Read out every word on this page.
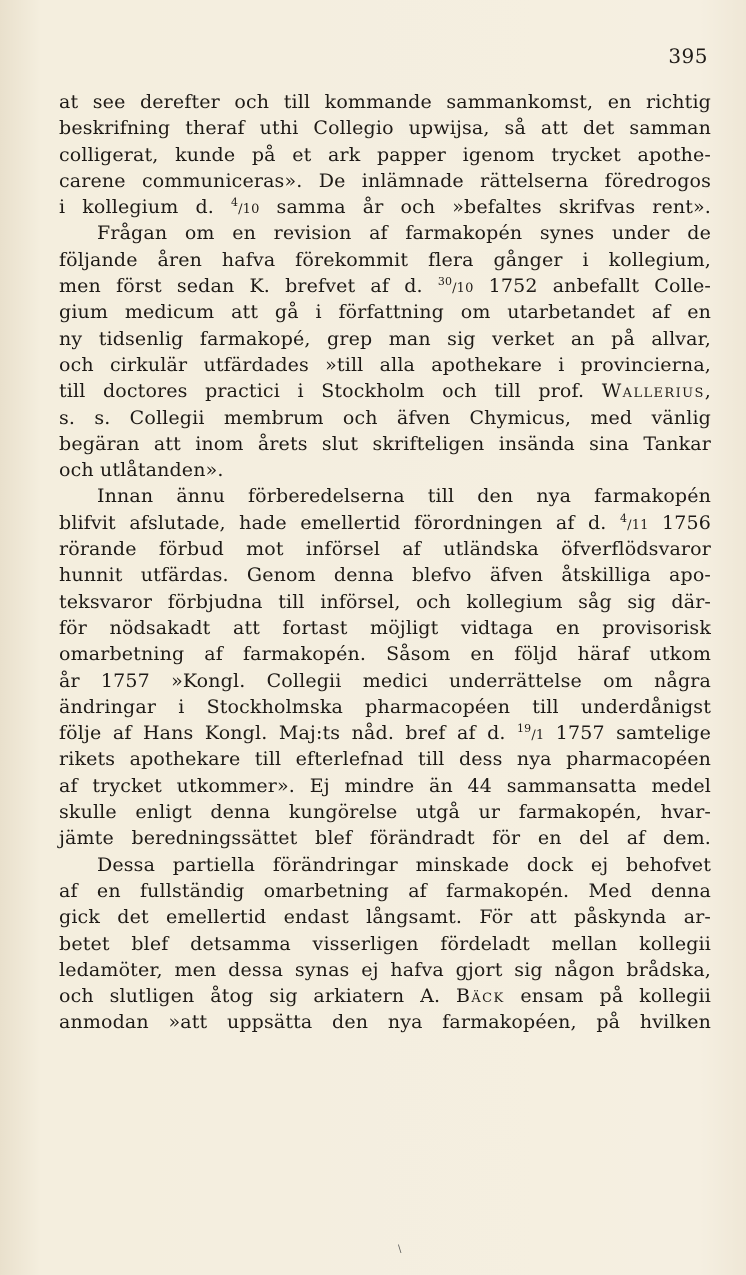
395
at see derefter och till kommande sammankomst, en richtig
beskrifning theraf uthi Collegio upwijsa, så att det samman
colligerat, kunde på et ark papper igenom trycket apothe-
carene communiceras». De inlämnade rättelserna föredrogos
i kollegium d. $^4$/10 samma år och »befaltes skrifvas rent».
Frågan om en revision af farmakopén synes under de
följande åren hafva förekommit flera gånger i kollegium,
men först sedan K. brefvet af d. $^{30}$/10 1752 anbefallt Colle-
gium medicum att gå i författning om utarbetandet af en
ny tidsenlig farmakopé, grep man sig verket an på allvar,
och cirkulär utfärdades »till alla apothekare i provincierna,
till doctores practici i Stockholm och till prof. Wallerius,
s. s. Collegii membrum och äfven Chymicus, med vänlig
begäran att inom årets slut skrifteligen insända sina Tankar
och utlåtanden».
Innan ännu förberedelserna till den nya farmakopén
blifvit afslutade, hade emellertid förordningen af d. $^4$/11 1756
rörande förbud mot införsel af utländska öfverflödsvaror
hunnit utfärdas. Genom denna blefvo äfven åtskilliga apo-
teksvaror förbjudna till införsel, och kollegium såg sig där-
för nödsakadt att fortast möjligt vidtaga en provisorisk
omarbetning af farmakopén. Såsom en följd häraf utkom
år 1757 »Kongl. Collegii medici underrättelse om några
ändringar i Stockholmska pharmacopéen till underdånigst
följe af Hans Kongl. Maj:ts nåd. bref af d. $^{19}$/1 1757 samtelige
rikets apothekare till efterlefnad till dess nya pharmacopéen
af trycket utkommer». Ej mindre än 44 sammansatta medel
skulle enligt denna kungörelse utgå ur farmakopén, hvar-
jämte beredningssättet blef förändradt för en del af dem.
Dessa partiella förändringar minskade dock ej behofvet
af en fullständig omarbetning af farmakopén. Med denna
gick det emellertid endast långsamt. För att påskynda ar-
betet blef detsamma visserligen fördeladt mellan kollegii
ledamöter, men dessa synas ej hafva gjort sig någon brådska,
och slutligen åtog sig arkiatern A. Bäck ensam på kollegii
anmodan »att uppsätta den nya farmakopéen, på hvilken
\
